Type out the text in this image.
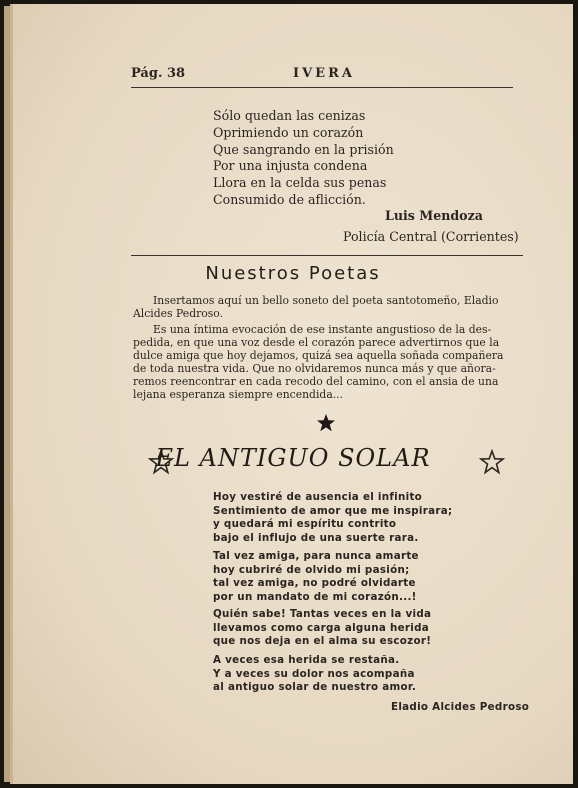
Pág. 38	IVERA
Sólo quedan las cenizas
Oprimiendo un corazón
Que sangrando en la prisión
Por una injusta condena
Llora en la celda sus penas
Consumido de aflicción.
Luis Mendoza
Policía Central (Corrientes)
Nuestros Poetas
Insertamos aquí un bello soneto del poeta santotomeño, Eladio
Alcides Pedroso.
Es una íntima evocación de ese instante angustioso de la des-
pedida, en que una voz desde el corazón parece advertirnos que la
dulce amiga que hoy dejamos, quizá sea aquella soñada compañera
de toda nuestra vida. Que no olvidaremos nunca más y que añora-
remos reencontrar en cada recodo del camino, con el ansia de una
lejana esperanza siempre encendida...
EL ANTIGUO SOLAR
Hoy vestiré de ausencia el infinito
Sentimiento de amor que me inspirara;
y quedará mi espíritu contrito
bajo el influjo de una suerte rara.
Tal vez amiga, para nunca amarte
hoy cubriré de olvido mi pasión;
tal vez amiga, no podré olvidarte
por un mandato de mi corazón...!
Quién sabe! Tantas veces en la vida
llevamos como carga alguna herida
que nos deja en el alma su escozor!
A veces esa herida se restaña.
Y a veces su dolor nos acompaña
al antiguo solar de nuestro amor.
Eladio Alcides Pedroso
